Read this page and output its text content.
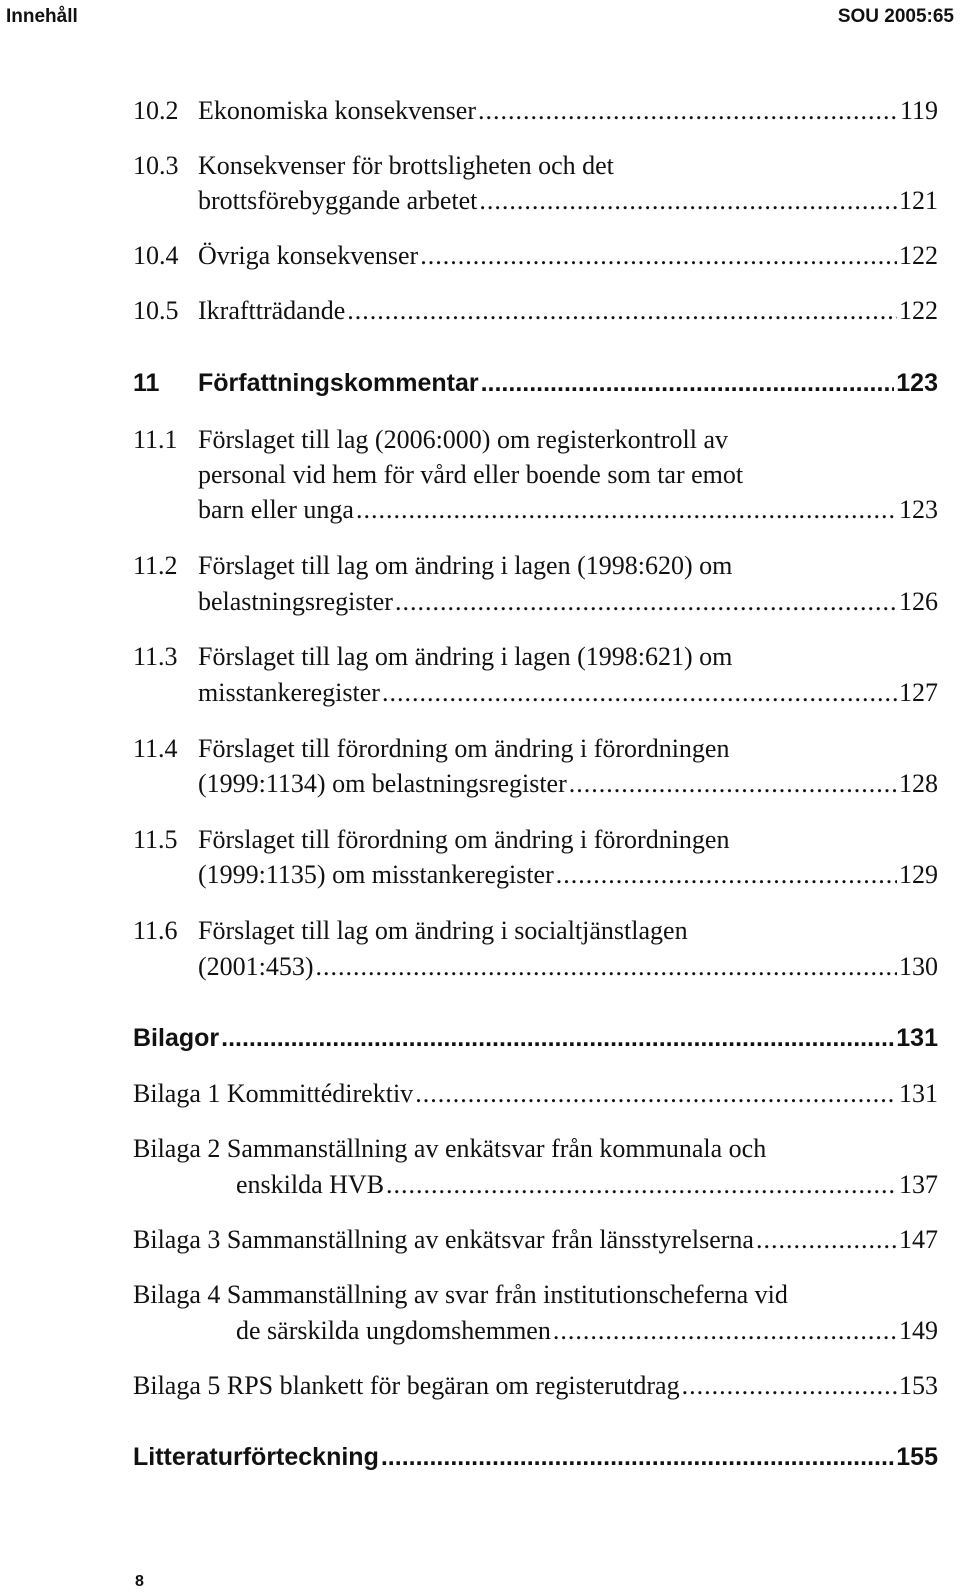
Innehåll	SOU 2005:65
10.2 Ekonomiska konsekvenser .....	119
10.3 Konsekvenser för brottsligheten och det
brottsförebyggande arbetet .....	121
10.4 Övriga konsekvenser .....	122
10.5 Ikraftträdande .....	122
11 Författningskommentar .....	123
11.1 Förslaget till lag (2006:000) om registerkontroll av
personal vid hem för vård eller boende som tar emot
barn eller unga .....	123
11.2 Förslaget till lag om ändring i lagen (1998:620) om
belastningsregister .....	126
11.3 Förslaget till lag om ändring i lagen (1998:621) om
misstankeregister .....	127
11.4 Förslaget till förordning om ändring i förordningen
(1999:1134) om belastningsregister .....	128
11.5 Förslaget till förordning om ändring i förordningen
(1999:1135) om misstankeregister .....	129
11.6 Förslaget till lag om ändring i socialtjänstlagen
(2001:453) .....	130
Bilagor .....	131
Bilaga 1 Kommittédirektiv .....	131
Bilaga 2 Sammanställning av enkätsvar från kommunala och
enskilda HVB .....	137
Bilaga 3 Sammanställning av enkätsvar från länsstyrelserna .....	147
Bilaga 4 Sammanställning av svar från institutionscheferna vid
de särskilda ungdomshemmen .....	149
Bilaga 5 RPS blankett för begäran om registerutdrag .....	153
Litteraturförteckning .....	155
8
